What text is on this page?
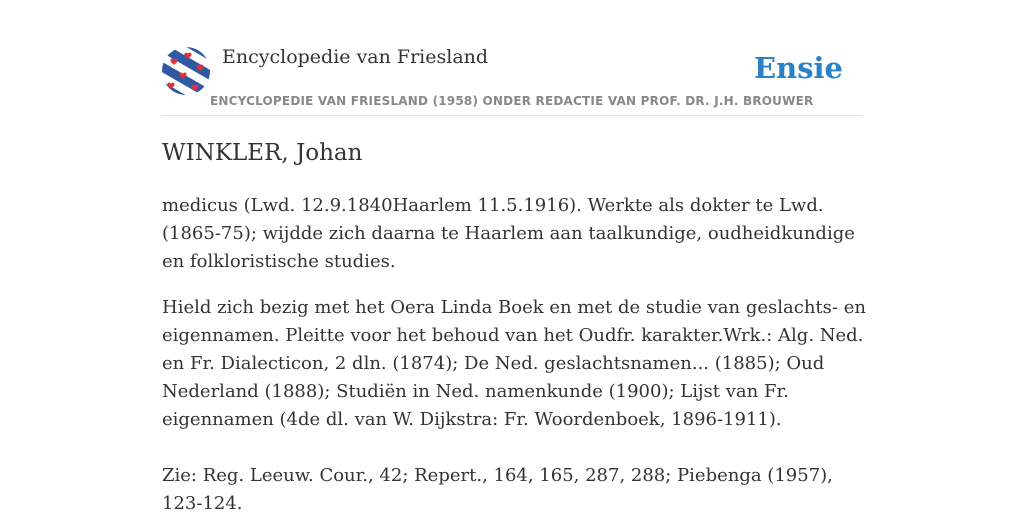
Encyclopedie van Friesland	Ensie
ENCYCLOPEDIE VAN FRIESLAND (1958) ONDER REDACTIE VAN PROF. DR. J.H. BROUWER
WINKLER, Johan

medicus (Lwd. 12.9.1840Haarlem 11.5.1916). Werkte als dokter te Lwd. (1865-75); wijdde zich daarna te Haarlem aan taalkundige, oudheidkundige en folkloristische studies.

Hield zich bezig met het Oera Linda Boek en met de studie van geslachts- en eigennamen. Pleitte voor het behoud van het Oudfr. karakter.Wrk.: Alg. Ned. en Fr. Dialecticon, 2 dln. (1874); De Ned. geslachtsnamen... (1885); Oud Nederland (1888); Studiën in Ned. namenkunde (1900); Lijst van Fr. eigennamen (4de dl. van W. Dijkstra: Fr. Woordenboek, 1896-1911).

Zie: Reg. Leeuw. Cour., 42; Repert., 164, 165, 287, 288; Piebenga (1957), 123-124.
